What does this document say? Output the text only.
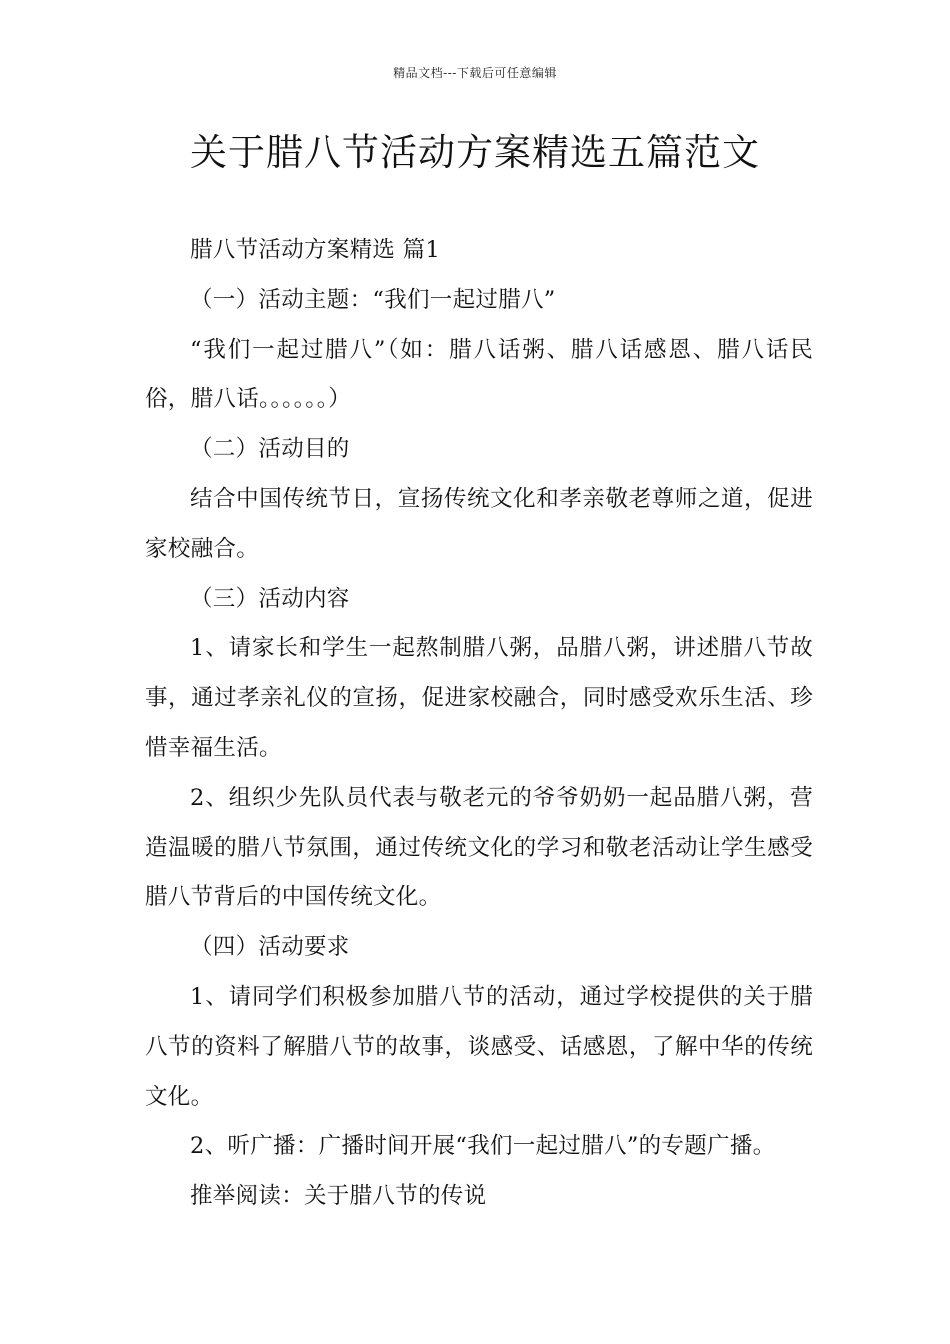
精品文档---下载后可任意编辑
关于腊八节活动方案精选五篇范文

腊八节活动方案精选 篇1

（一）活动主题：“我们一起过腊八”

“我们一起过腊八”（如：腊八话粥、腊八话感恩、腊八话民俗，腊八话。。。。。。）

（二）活动目的

结合中国传统节日，宣扬传统文化和孝亲敬老尊师之道，促进家校融合。

（三）活动内容

1、请家长和学生一起熬制腊八粥，品腊八粥，讲述腊八节故事，通过孝亲礼仪的宣扬，促进家校融合，同时感受欢乐生活、珍惜幸福生活。

2、组织少先队员代表与敬老元的爷爷奶奶一起品腊八粥，营造温暖的腊八节氛围，通过传统文化的学习和敬老活动让学生感受腊八节背后的中国传统文化。

（四）活动要求

1、请同学们积极参加腊八节的活动，通过学校提供的关于腊八节的资料了解腊八节的故事，谈感受、话感恩，了解中华的传统文化。

2、听广播：广播时间开展“我们一起过腊八”的专题广播。

推举阅读：关于腊八节的传说
